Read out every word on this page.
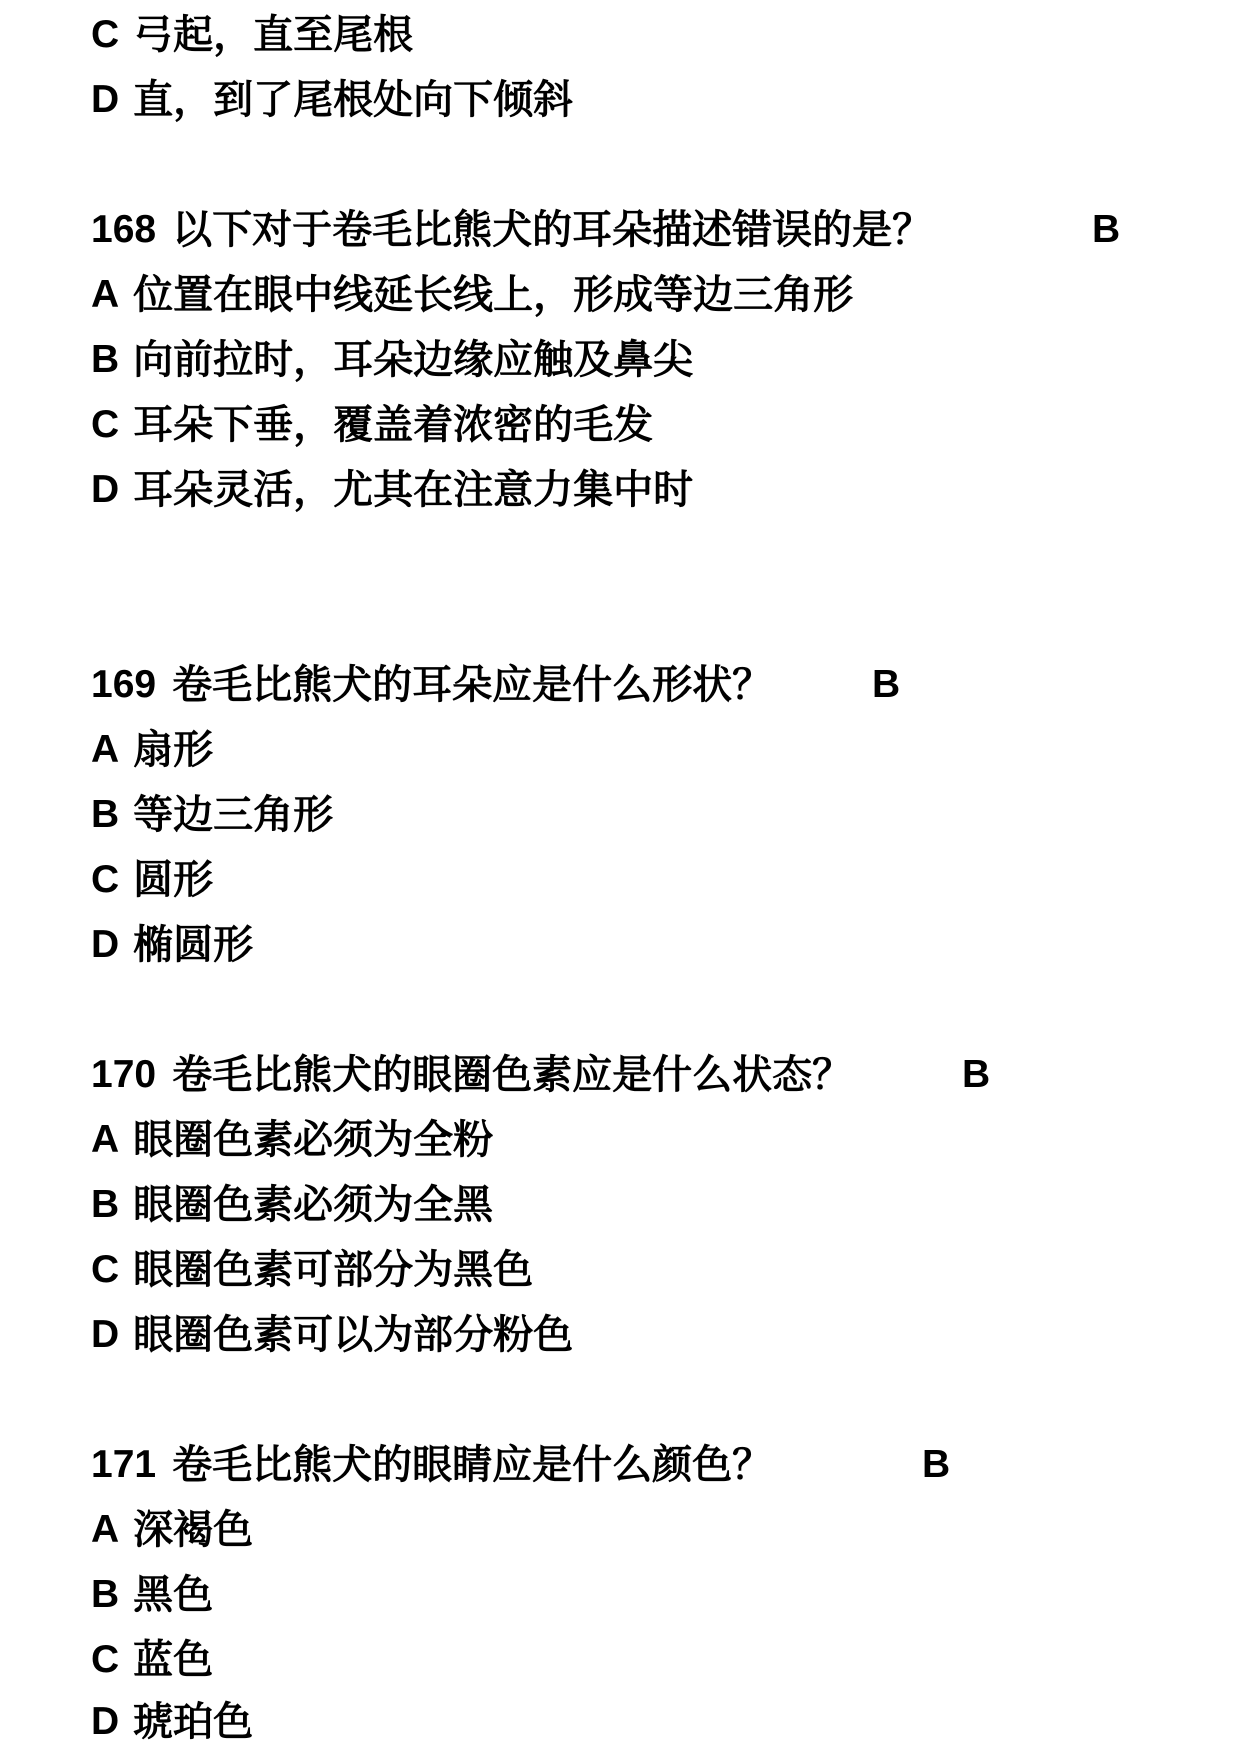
C 弓起，直至尾根
D 直，到了尾根处向下倾斜
168 以下对于卷毛比熊犬的耳朵描述错误的是？	B
A 位置在眼中线延长线上，形成等边三角形
B 向前拉时，耳朵边缘应触及鼻尖
C 耳朵下垂，覆盖着浓密的毛发
D 耳朵灵活，尤其在注意力集中时
169 卷毛比熊犬的耳朵应是什么形状？	B
A 扇形
B 等边三角形
C 圆形
D 椭圆形
170 卷毛比熊犬的眼圈色素应是什么状态？	B
A 眼圈色素必须为全粉
B 眼圈色素必须为全黑
C 眼圈色素可部分为黑色
D 眼圈色素可以为部分粉色
171 卷毛比熊犬的眼睛应是什么颜色？	B
A 深褐色
B 黑色
C 蓝色
D 琥珀色
